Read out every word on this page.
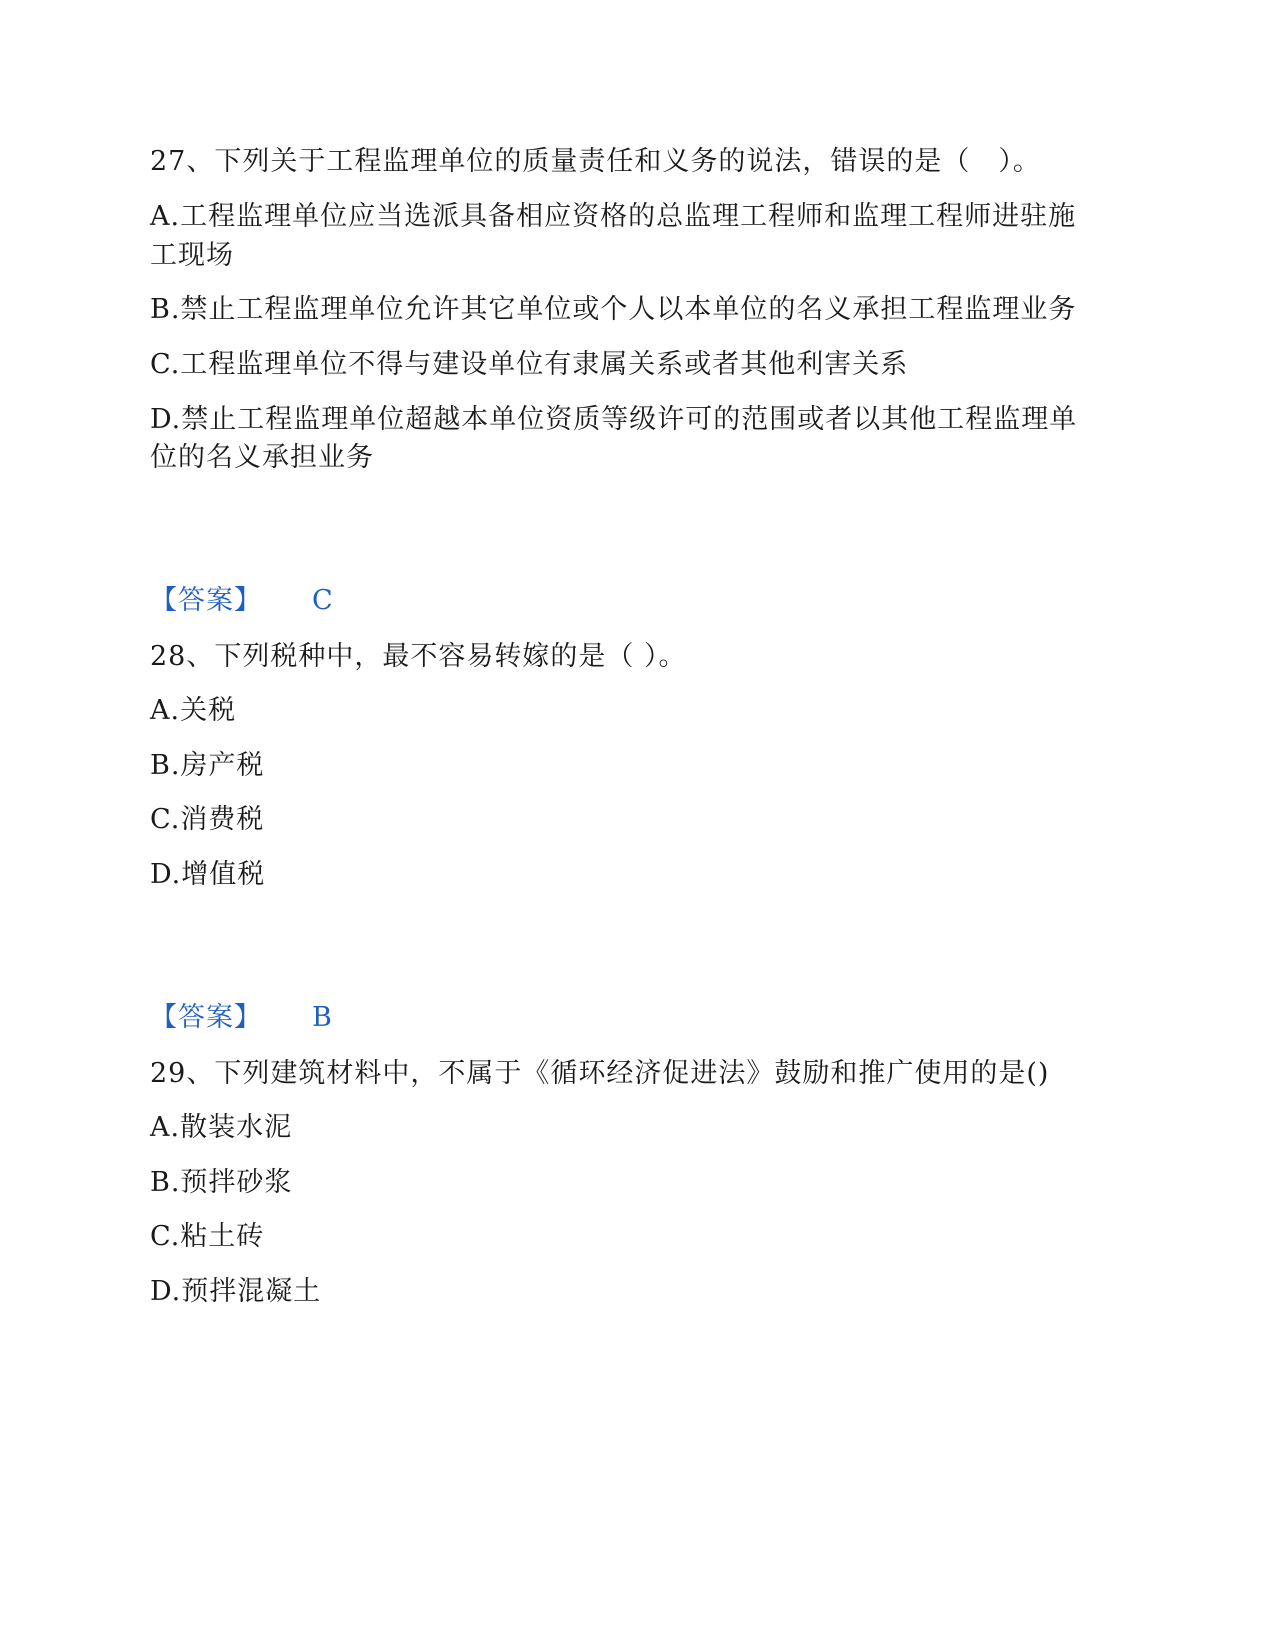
27、下列关于工程监理单位的质量责任和义务的说法，错误的是（　）。
A.工程监理单位应当选派具备相应资格的总监理工程师和监理工程师进驻施
工现场
B.禁止工程监理单位允许其它单位或个人以本单位的名义承担工程监理业务
C.工程监理单位不得与建设单位有隶属关系或者其他利害关系
D.禁止工程监理单位超越本单位资质等级许可的范围或者以其他工程监理单
位的名义承担业务
【答案】 C
28、下列税种中，最不容易转嫁的是（ ）。
A.关税
B.房产税
C.消费税
D.增值税
【答案】 B
29、下列建筑材料中，不属于《循环经济促进法》鼓励和推广使用的是()
A.散装水泥
B.预拌砂浆
C.粘土砖
D.预拌混凝土
